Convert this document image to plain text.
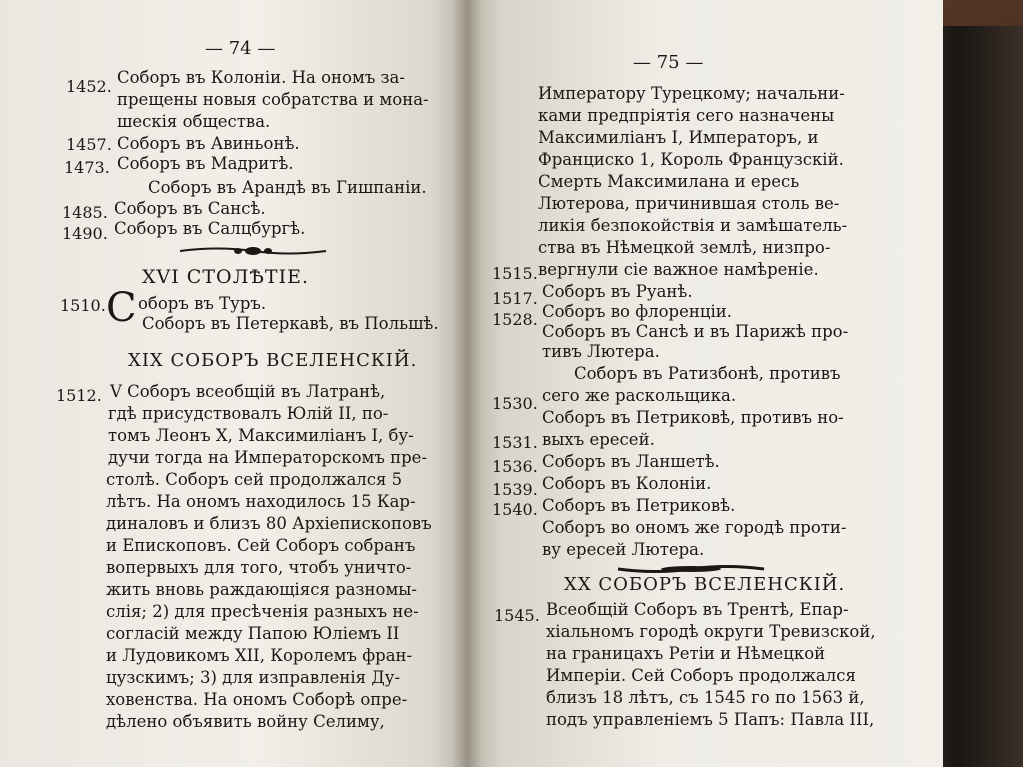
— 74 —
1452. Соборъ въ Колоніи. На ономъ за-
прещены новыя собратства и мона-
шескія общества.
1457. Соборъ въ Авиньонѣ.
1473. Соборъ въ Мадритѣ.
Соборъ въ Арандѣ въ Гишпаніи.
1485. Соборъ въ Сансѣ.
1490. Соборъ въ Салцбургѣ.
XVI СТОЛѢТІЕ.
1510. С оборъ въ Туръ.
Соборъ въ Петеркавѣ, въ Польшѣ.
XIX СОБОРЪ ВСЕЛЕНСКІЙ.
1512. V Соборъ всеобщій въ Латранѣ,
гдѣ присудствовалъ Юлій II, по-
томъ Леонъ X, Максимиліанъ I, бу-
дучи тогда на Императорскомъ пре-
столѣ. Соборъ сей продолжался 5
лѣтъ. На ономъ находилось 15 Кар-
диналовъ и близъ 80 Архіепископовъ
и Епископовъ. Сей Соборъ собранъ
вопервыхъ для того, чтобъ уничто-
жить вновь раждающіяся разномы-
слія; 2) для пресѣченія разныхъ не-
согласій между Папою Юліемъ II
и Лудовикомъ XII, Королемъ фран-
цузскимъ; 3) для изправленія Ду-
ховенства. На ономъ Соборѣ опре-
дѣлено объявить войну Селиму,
— 75 —
Императору Турецкому; начальни-
ками предпріятія сего назначены
Максимиліанъ I, Императоръ, и
Франциско 1, Король Французскій.
Смерть Максимилана и ересь
Лютерова, причинившая столь ве-
ликія безпокойствія и замѣшатель-
ства въ Нѣмецкой землѣ, низпро-
вергнули сіе важное намѣреніе.
1515.
Соборъ въ Руанѣ.
1517.
Соборъ во флоренціи.
1528.
Соборъ въ Сансѣ и въ Парижѣ про-
тивъ Лютера.
Соборъ въ Ратизбонѣ, противъ
сего же раскольщика.
1530.
Соборъ въ Петриковѣ, противъ но-
выхъ ересей.
1531.
Соборъ въ Ланшетѣ.
1536.
Соборъ въ Колоніи.
1539.
Соборъ въ Петриковѣ.
1540.
Соборъ во ономъ же городѣ проти-
ву ересей Лютера.
XX СОБОРЪ ВСЕЛЕНСКІЙ.
1545. Всеобщій Соборъ въ Трентѣ, Епар-
хіальномъ городѣ округи Тревизской,
на границахъ Ретіи и Нѣмецкой
Имперіи. Сей Соборъ продолжался
близъ 18 лѣтъ, съ 1545 го по 1563 й,
подъ управленіемъ 5 Папъ: Павла III,
